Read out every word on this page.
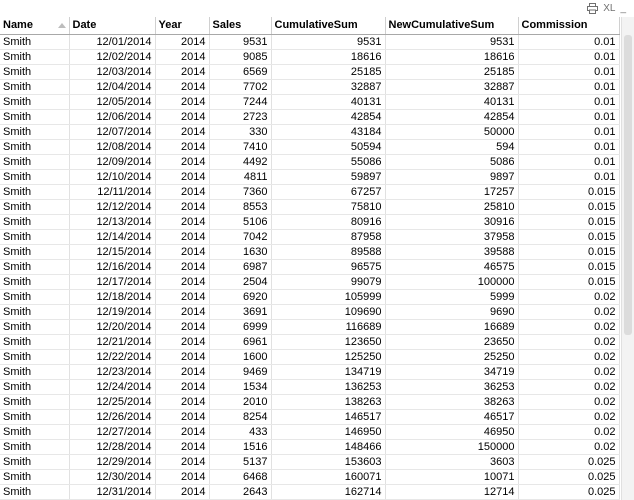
XL _
Name	Date	Year	Sales	CumulativeSum	NewCumulativeSum	Commission
Smith	12/01/2014	2014	9531	9531	9531	0.01
Smith	12/02/2014	2014	9085	18616	18616	0.01
Smith	12/03/2014	2014	6569	25185	25185	0.01
Smith	12/04/2014	2014	7702	32887	32887	0.01
Smith	12/05/2014	2014	7244	40131	40131	0.01
Smith	12/06/2014	2014	2723	42854	42854	0.01
Smith	12/07/2014	2014	330	43184	50000	0.01
Smith	12/08/2014	2014	7410	50594	594	0.01
Smith	12/09/2014	2014	4492	55086	5086	0.01
Smith	12/10/2014	2014	4811	59897	9897	0.01
Smith	12/11/2014	2014	7360	67257	17257	0.015
Smith	12/12/2014	2014	8553	75810	25810	0.015
Smith	12/13/2014	2014	5106	80916	30916	0.015
Smith	12/14/2014	2014	7042	87958	37958	0.015
Smith	12/15/2014	2014	1630	89588	39588	0.015
Smith	12/16/2014	2014	6987	96575	46575	0.015
Smith	12/17/2014	2014	2504	99079	100000	0.015
Smith	12/18/2014	2014	6920	105999	5999	0.02
Smith	12/19/2014	2014	3691	109690	9690	0.02
Smith	12/20/2014	2014	6999	116689	16689	0.02
Smith	12/21/2014	2014	6961	123650	23650	0.02
Smith	12/22/2014	2014	1600	125250	25250	0.02
Smith	12/23/2014	2014	9469	134719	34719	0.02
Smith	12/24/2014	2014	1534	136253	36253	0.02
Smith	12/25/2014	2014	2010	138263	38263	0.02
Smith	12/26/2014	2014	8254	146517	46517	0.02
Smith	12/27/2014	2014	433	146950	46950	0.02
Smith	12/28/2014	2014	1516	148466	150000	0.02
Smith	12/29/2014	2014	5137	153603	3603	0.025
Smith	12/30/2014	2014	6468	160071	10071	0.025
Smith	12/31/2014	2014	2643	162714	12714	0.025
